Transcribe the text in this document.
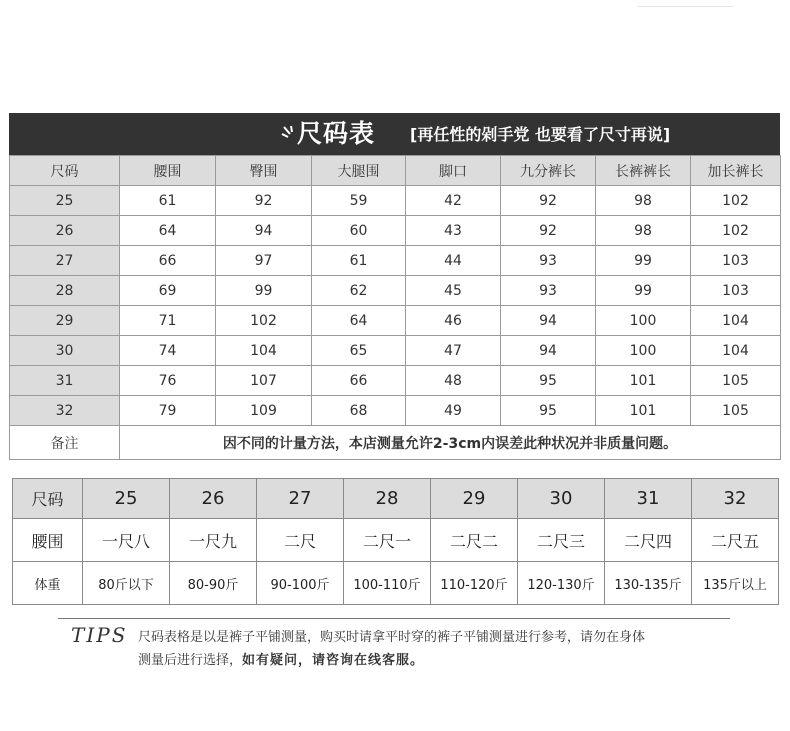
尺码表 [再任性的剁手党 也要看了尺寸再说]
尺码	腰围	臀围	大腿围	脚口	九分裤长	长裤裤长	加长裤长
25	61	92	59	42	92	98	102
26	64	94	60	43	92	98	102
27	66	97	61	44	93	99	103
28	69	99	62	45	93	99	103
29	71	102	64	46	94	100	104
30	74	104	65	47	94	100	104
31	76	107	66	48	95	101	105
32	79	109	68	49	95	101	105
备注	因不同的计量方法，本店测量允许2-3cm内误差此种状况并非质量问题。						
尺码	25	26	27	28	29	30	31	32
腰围	一尺八	一尺九	二尺	二尺一	二尺二	二尺三	二尺四	二尺五
体重	80斤以下	80-90斤	90-100斤	100-110斤	110-120斤	120-130斤	130-135斤	135斤以上
TIPS 尺码表格是以是裤子平铺测量，购买时请拿平时穿的裤子平铺测量进行参考，请勿在身体
测量后进行选择，如有疑问，请咨询在线客服。
